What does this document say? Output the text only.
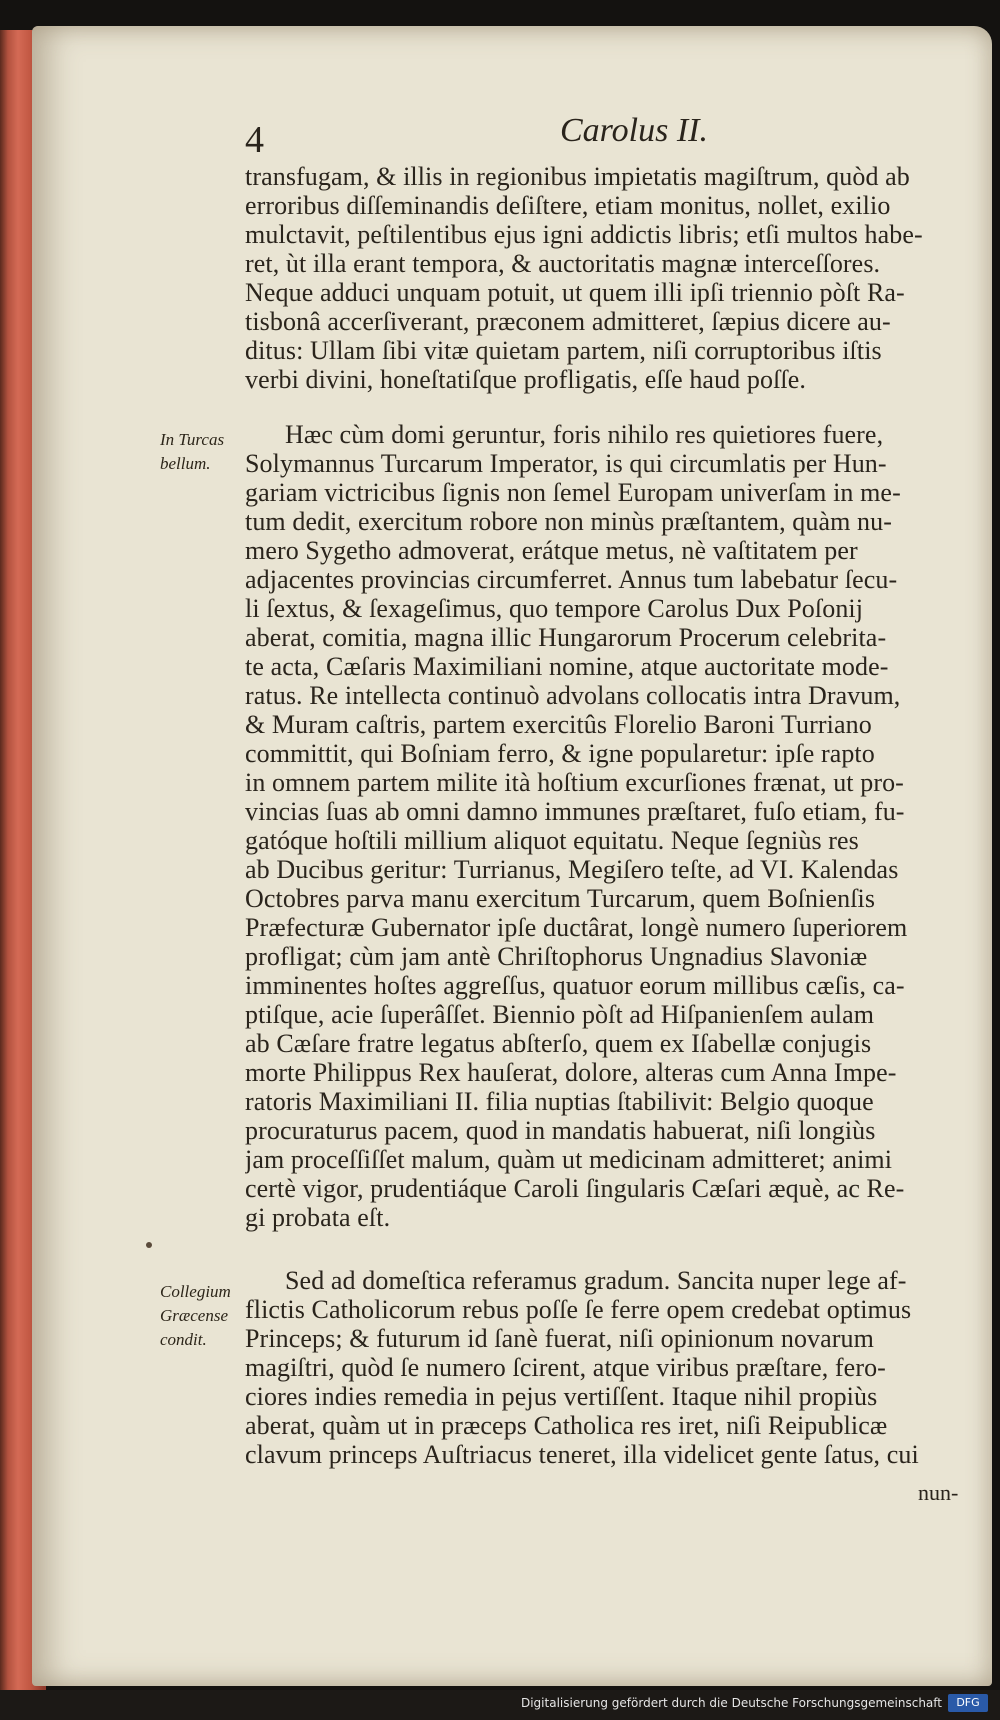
4	Carolus II.
transfugam, & illis in regionibus impietatis magiſtrum, quòd ab
erroribus diſſeminandis deſiſtere, etiam monitus, nollet, exilio
mulctavit, peſtilentibus ejus igni addictis libris; etſi multos habe-
ret, ùt illa erant tempora, & auctoritatis magnæ interceſſores.
Neque adduci unquam potuit, ut quem illi ipſi triennio pòſt Ra-
tisbonâ accerſiverant, præconem admitteret, ſæpius dicere au-
ditus: Ullam ſibi vitæ quietam partem, niſi corruptoribus iſtis
verbi divini, honeſtatiſque profligatis, eſſe haud poſſe.
In Turcas
bellum.
Hæc cùm domi geruntur, foris nihilo res quietiores fuere,
Solymannus Turcarum Imperator, is qui circumlatis per Hun-
gariam victricibus ſignis non ſemel Europam univerſam in me-
tum dedit, exercitum robore non minùs præſtantem, quàm nu-
mero Sygetho admoverat, erátque metus, nè vaſtitatem per
adjacentes provincias circumferret. Annus tum labebatur ſecu-
li ſextus, & ſexageſimus, quo tempore Carolus Dux Poſonij
aberat, comitia, magna illic Hungarorum Procerum celebrita-
te acta, Cæſaris Maximiliani nomine, atque auctoritate mode-
ratus. Re intellecta continuò advolans collocatis intra Dravum,
& Muram caſtris, partem exercitûs Florelio Baroni Turriano
committit, qui Boſniam ferro, & igne popularetur: ipſe rapto
in omnem partem milite ità hoſtium excurſiones frænat, ut pro-
vincias ſuas ab omni damno immunes præſtaret, fuſo etiam, fu-
gatóque hoſtili millium aliquot equitatu. Neque ſegniùs res
ab Ducibus geritur: Turrianus, Megiſero teſte, ad VI. Kalendas
Octobres parva manu exercitum Turcarum, quem Boſnienſis
Præfecturæ Gubernator ipſe ductârat, longè numero ſuperiorem
profligat; cùm jam antè Chriſtophorus Ungnadius Slavoniæ
imminentes hoſtes aggreſſus, quatuor eorum millibus cæſis, ca-
ptiſque, acie ſuperâſſet. Biennio pòſt ad Hiſpanienſem aulam
ab Cæſare fratre legatus abſterſo, quem ex Iſabellæ conjugis
morte Philippus Rex hauſerat, dolore, alteras cum Anna Impe-
ratoris Maximiliani II. filia nuptias ſtabilivit: Belgio quoque
procuraturus pacem, quod in mandatis habuerat, niſi longiùs
jam proceſſiſſet malum, quàm ut medicinam admitteret; animi
certè vigor, prudentiáque Caroli ſingularis Cæſari æquè, ac Re-
gi probata eſt.
Collegium
Græcense
condit.
Sed ad domeſtica referamus gradum. Sancita nuper lege af-
flictis Catholicorum rebus poſſe ſe ferre opem credebat optimus
Princeps; & futurum id ſanè fuerat, niſi opinionum novarum
magiſtri, quòd ſe numero ſcirent, atque viribus præſtare, fero-
ciores indies remedia in pejus vertiſſent. Itaque nihil propiùs
aberat, quàm ut in præceps Catholica res iret, niſi Reipublicæ
clavum princeps Auſtriacus teneret, illa videlicet gente ſatus, cui
nun-
Digitalisierung gefördert durch die Deutsche Forschungsgemeinschaft	DFG
